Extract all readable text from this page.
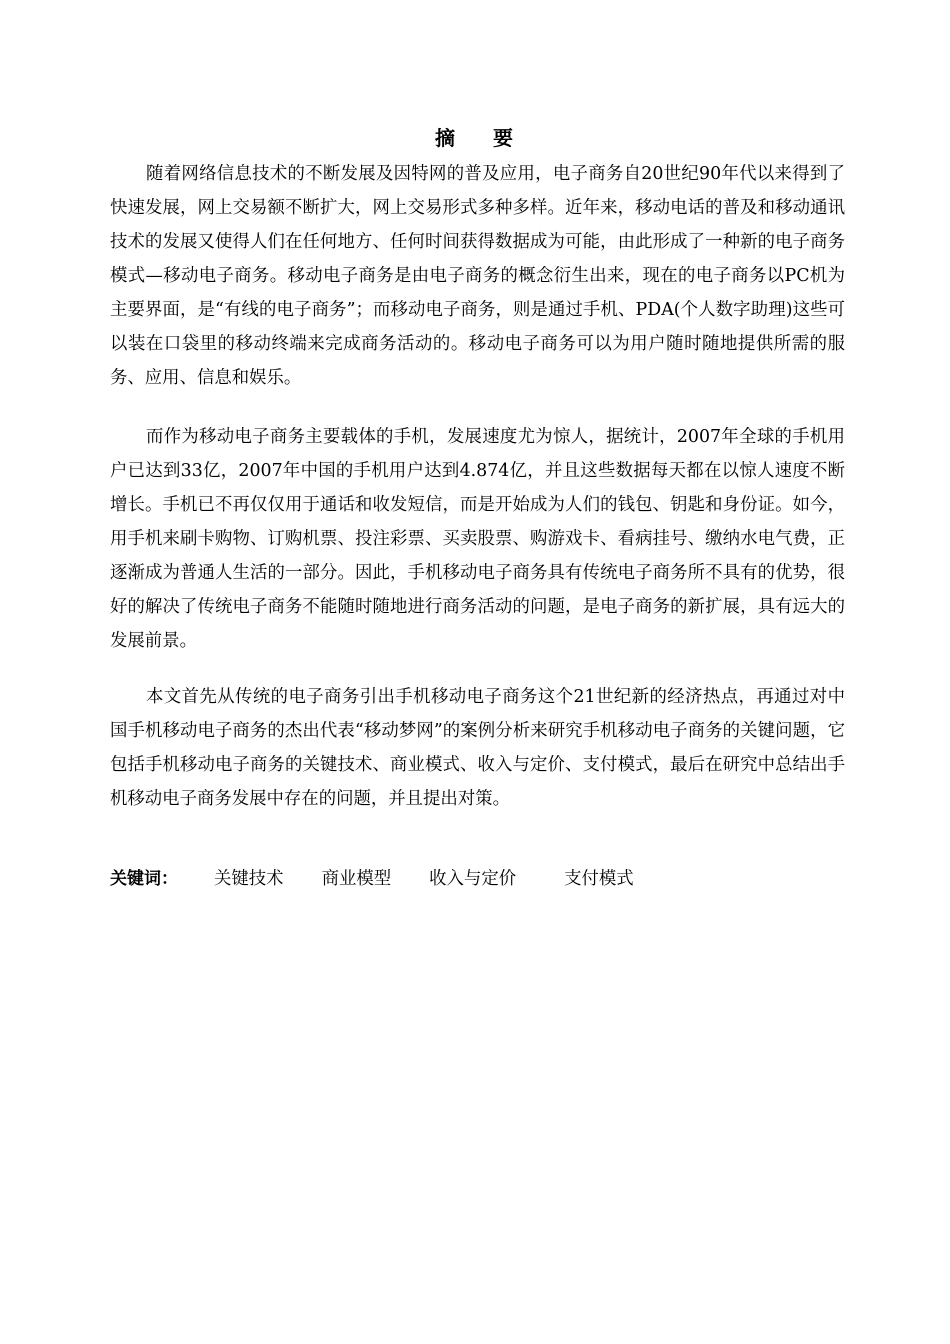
摘 要

随着网络信息技术的不断发展及因特网的普及应用，电子商务自20世纪90年代以来得到了快速发展，网上交易额不断扩大，网上交易形式多种多样。近年来，移动电话的普及和移动通讯技术的发展又使得人们在任何地方、任何时间获得数据成为可能，由此形成了一种新的电子商务模式—移动电子商务。移动电子商务是由电子商务的概念衍生出来，现在的电子商务以PC机为主要界面，是“有线的电子商务”；而移动电子商务，则是通过手机、PDA(个人数字助理)这些可以装在口袋里的移动终端来完成商务活动的。移动电子商务可以为用户随时随地提供所需的服务、应用、信息和娱乐。

而作为移动电子商务主要载体的手机，发展速度尤为惊人，据统计，2007年全球的手机用户已达到33亿，2007年中国的手机用户达到4.874亿，并且这些数据每天都在以惊人速度不断增长。手机已不再仅仅用于通话和收发短信，而是开始成为人们的钱包、钥匙和身份证。如今，用手机来刷卡购物、订购机票、投注彩票、买卖股票、购游戏卡、看病挂号、缴纳水电气费，正逐渐成为普通人生活的一部分。因此，手机移动电子商务具有传统电子商务所不具有的优势，很好的解决了传统电子商务不能随时随地进行商务活动的问题，是电子商务的新扩展，具有远大的发展前景。

本文首先从传统的电子商务引出手机移动电子商务这个21世纪新的经济热点，再通过对中国手机移动电子商务的杰出代表“移动梦网”的案例分析来研究手机移动电子商务的关键问题，它包括手机移动电子商务的关键技术、商业模式、收入与定价、支付模式，最后在研究中总结出手机移动电子商务发展中存在的问题，并且提出对策。

关键词： 关键技术 商业模型 收入与定价	支付模式
